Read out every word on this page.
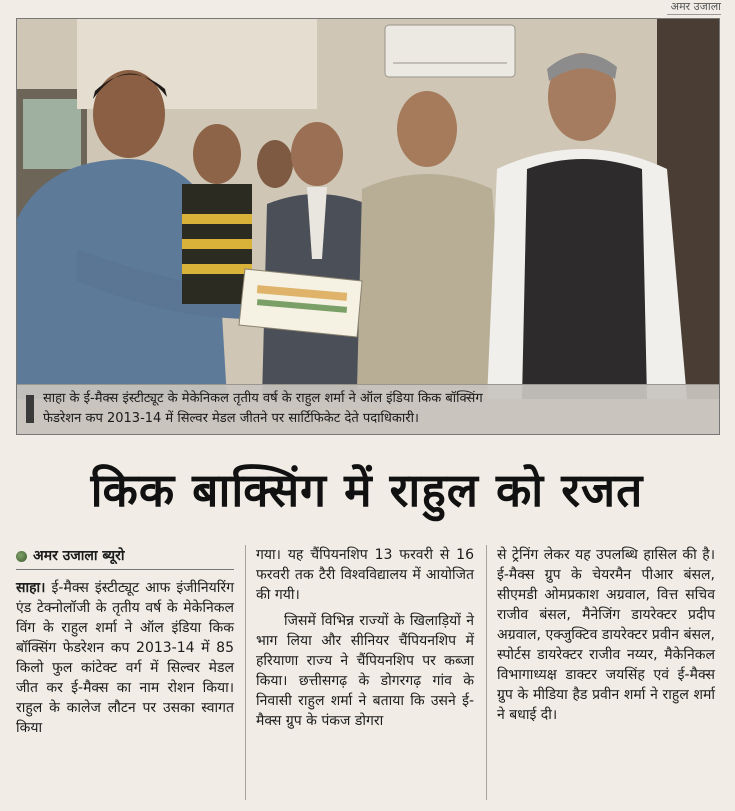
अमर उजाला
साहा के ई-मैक्स इंस्टीट्यूट के मेकेनिकल तृतीय वर्ष के राहुल शर्मा ने ऑल इंडिया किक बॉक्सिंग
फेडरेशन कप 2013-14 में सिल्वर मेडल जीतने पर सार्टिफिकेट देते पदाधिकारी।
किक बाक्सिंग में राहुल को रजत
अमर उजाला ब्यूरो

साहा। ई-मैक्स इंस्टीट्यूट आफ इंजीनियरिंग एंड टेक्नोलॉजी के तृतीय वर्ष के मेकेनिकल विंग के राहुल शर्मा ने ऑल इंडिया किक बॉक्सिंग फेडरेशन कप 2013-14 में 85 किलो फुल कांटेक्ट वर्ग में सिल्वर मेडल जीत कर ई-मैक्स का नाम रोशन किया। राहुल के कालेज लौटन पर उसका स्वागत किया

गया। यह चैंपियनशिप 13 फरवरी से 16 फरवरी तक टैरी विश्वविद्यालय में आयोजित की गयी।

जिसमें विभिन्न राज्यों के खिलाड़ियों ने भाग लिया और सीनियर चैंपियनशिप में हरियाणा राज्य ने चैंपियनशिप पर कब्जा किया। छत्तीसगढ़ के डोगरगढ़ गांव के निवासी राहुल शर्मा ने बताया कि उसने ई-मैक्स ग्रुप के पंकज डोगरा

से ट्रेनिंग लेकर यह उपलब्धि हासिल की है। ई-मैक्स ग्रुप के चेयरमैन पीआर बंसल, सीएमडी ओमप्रकाश अग्रवाल, वित्त सचिव राजीव बंसल, मैनेजिंग डायरेक्टर प्रदीप अग्रवाल, एक्जुक्टिव डायरेक्टर प्रवीन बंसल, स्पोर्टस डायरेक्टर राजीव नय्यर, मैकेनिकल विभागाध्यक्ष डाक्टर जयसिंह एवं ई-मैक्स ग्रुप के मीडिया हैड प्रवीन शर्मा ने राहुल शर्मा ने बधाई दी।
